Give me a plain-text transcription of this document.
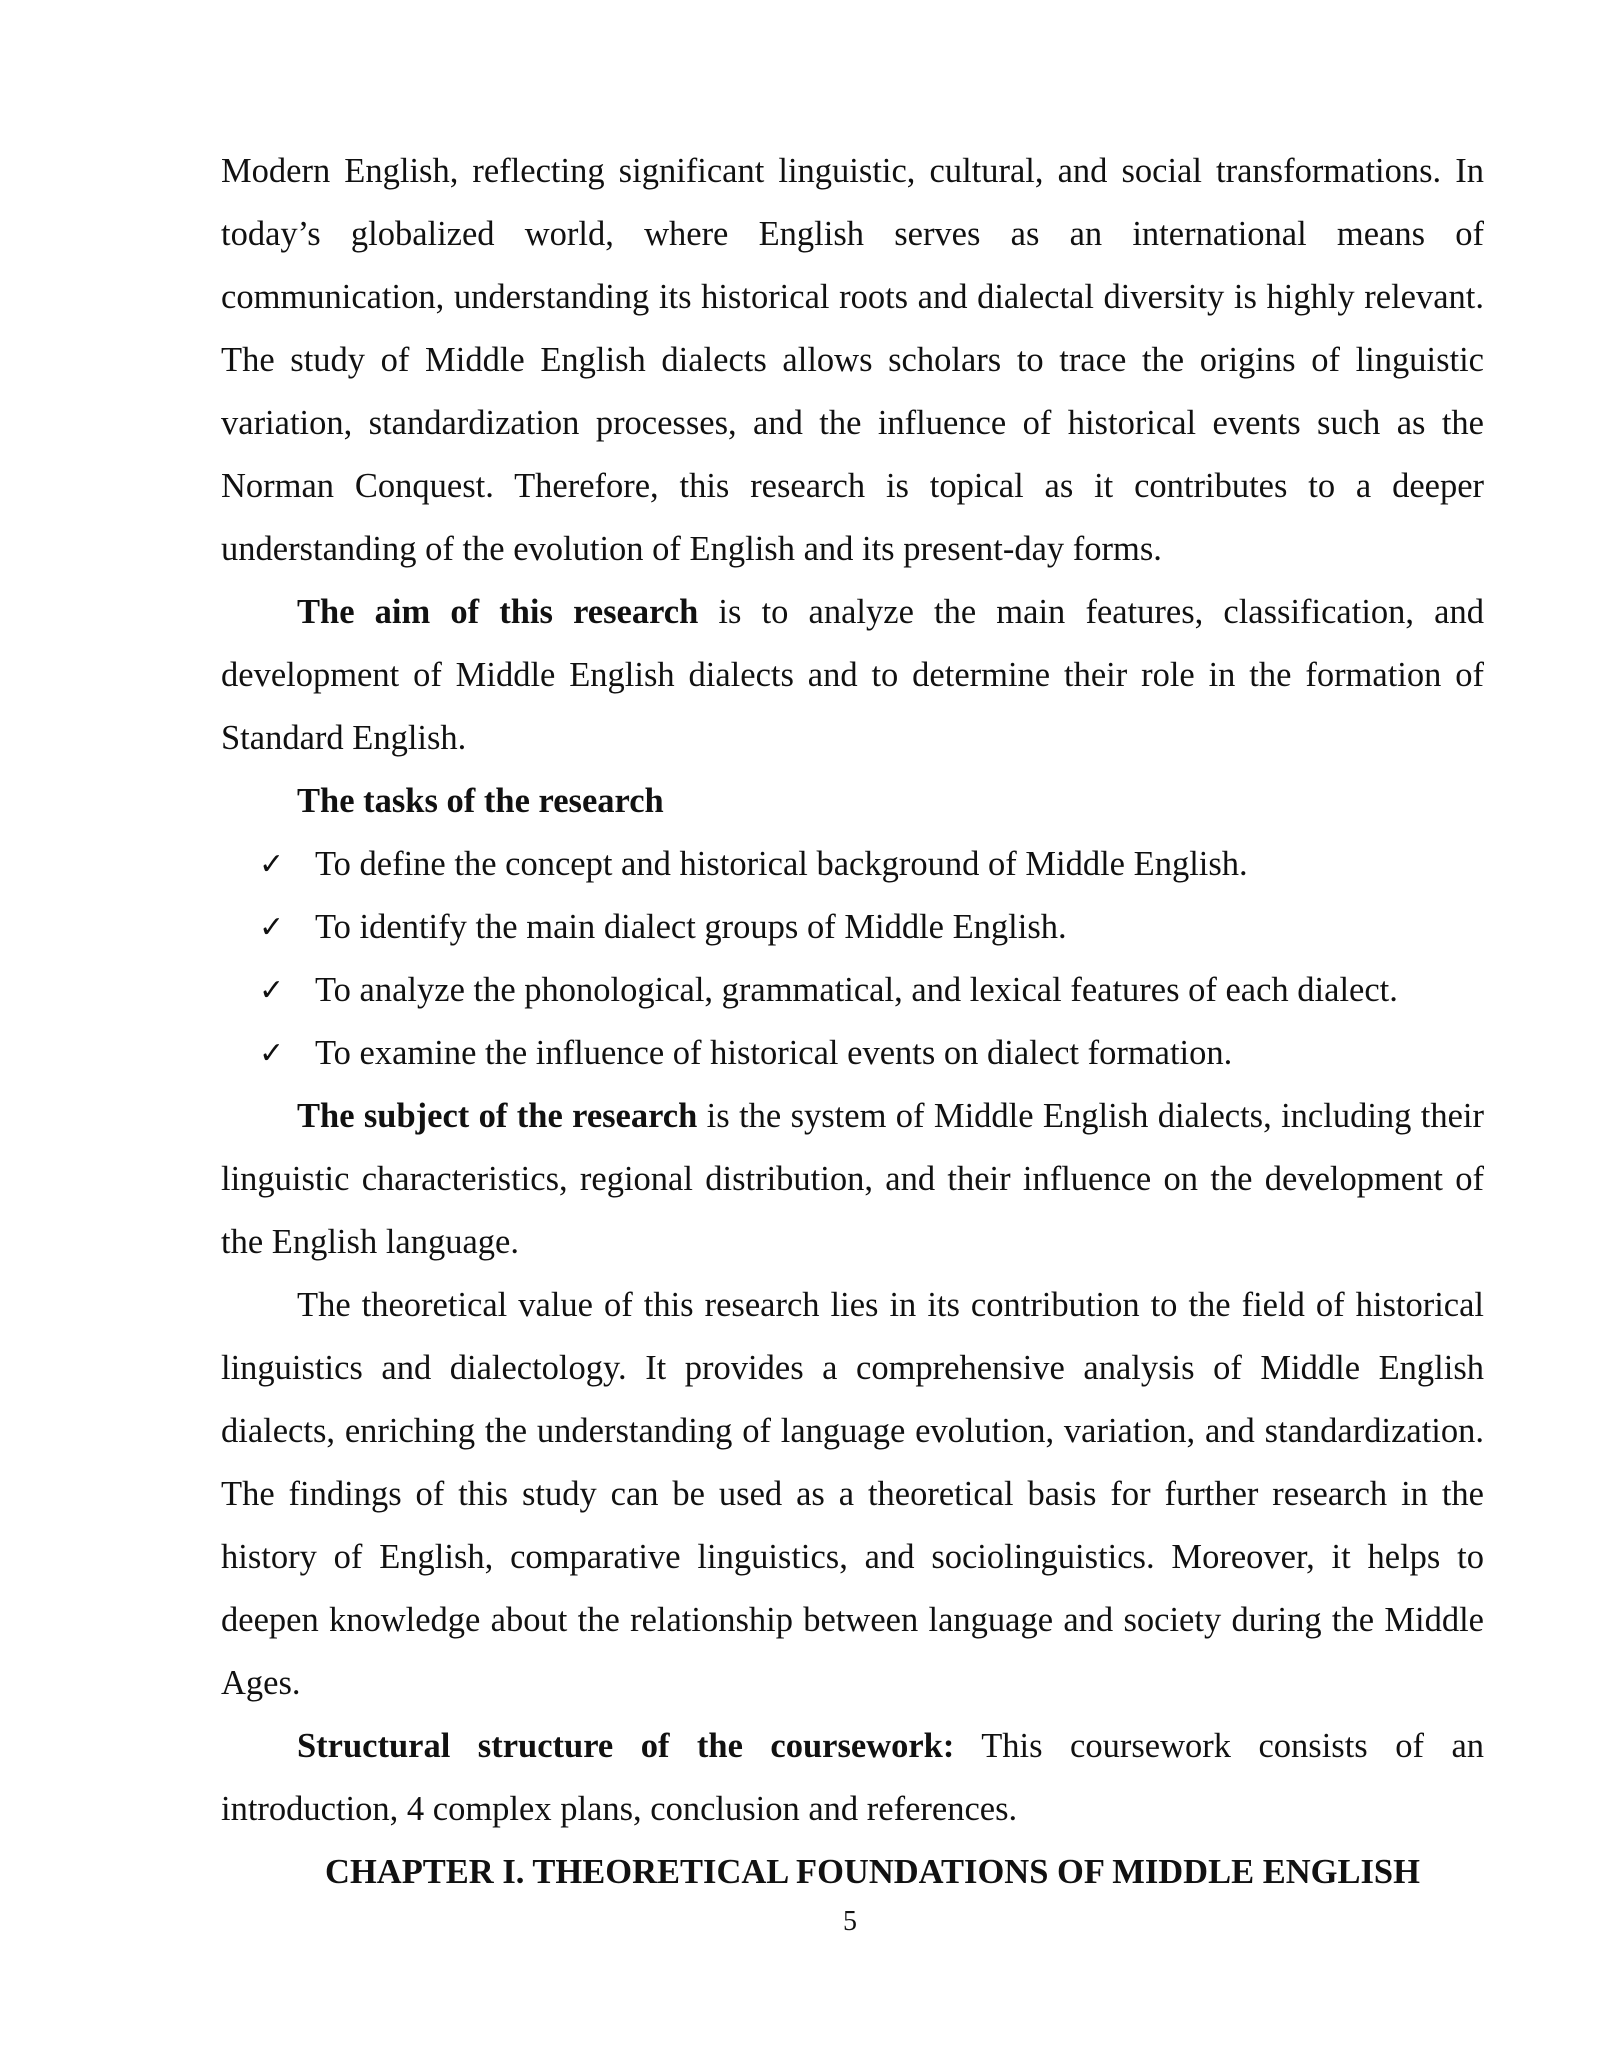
Modern English, reflecting significant linguistic, cultural, and social transformations. In today’s globalized world, where English serves as an international means of communication, understanding its historical roots and dialectal diversity is highly relevant. The study of Middle English dialects allows scholars to trace the origins of linguistic variation, standardization processes, and the influence of historical events such as the Norman Conquest. Therefore, this research is topical as it contributes to a deeper understanding of the evolution of English and its present-day forms.

The aim of this research is to analyze the main features, classification, and development of Middle English dialects and to determine their role in the formation of Standard English.

The tasks of the research
✓ To define the concept and historical background of Middle English.
✓ To identify the main dialect groups of Middle English.
✓ To analyze the phonological, grammatical, and lexical features of each dialect.
✓ To examine the influence of historical events on dialect formation.

The subject of the research is the system of Middle English dialects, including their linguistic characteristics, regional distribution, and their influence on the development of the English language.

The theoretical value of this research lies in its contribution to the field of historical linguistics and dialectology. It provides a comprehensive analysis of Middle English dialects, enriching the understanding of language evolution, variation, and standardization. The findings of this study can be used as a theoretical basis for further research in the history of English, comparative linguistics, and sociolinguistics. Moreover, it helps to deepen knowledge about the relationship between language and society during the Middle Ages.

Structural structure of the coursework: This coursework consists of an introduction, 4 complex plans, conclusion and references.

CHAPTER I. THEORETICAL FOUNDATIONS OF MIDDLE ENGLISH
5
